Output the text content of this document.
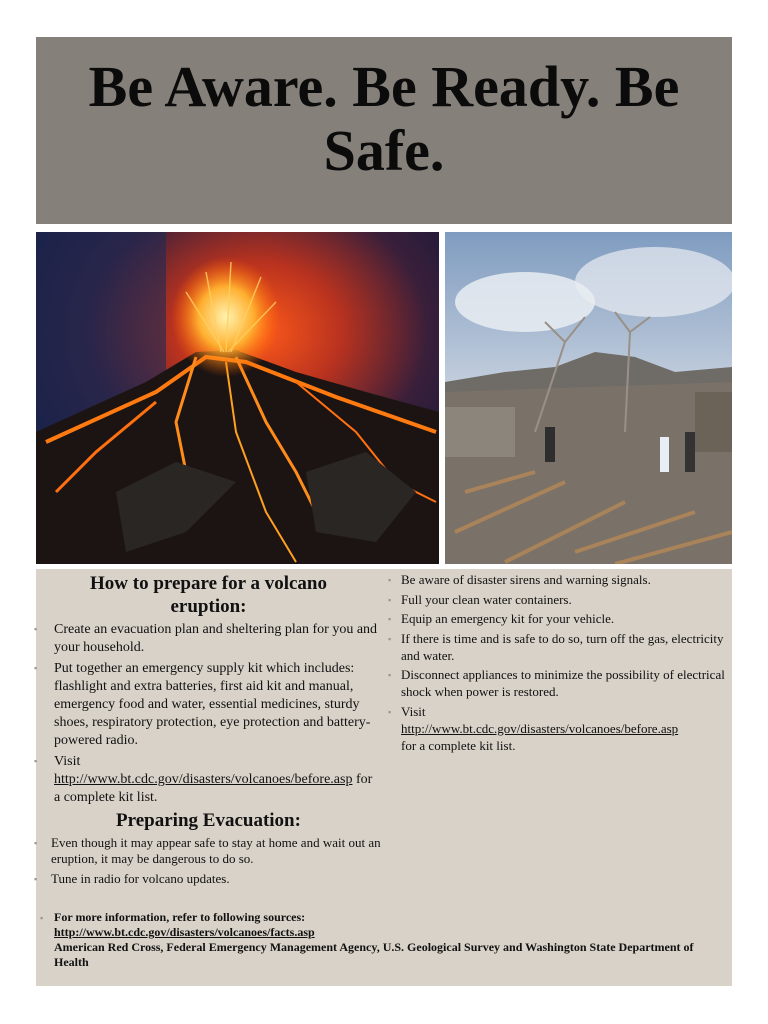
Be Aware. Be Ready. Be Safe.

How to prepare for a volcano eruption:

▪ Create an evacuation plan and sheltering plan for you and your household.
▪ Put together an emergency supply kit which includes: flashlight and extra batteries, first aid kit and manual, emergency food and water, essential medicines, sturdy shoes, respiratory protection, eye protection and battery-powered radio.
▪ Visit
http://www.bt.cdc.gov/disasters/volcanoes/before.asp for a complete kit list.

Preparing Evacuation:

▪ Even though it may appear safe to stay at home and wait out an eruption, it may be dangerous to do so.
▪ Tune in radio for volcano updates.
▪ Be aware of disaster sirens and warning signals.
▪ Full your clean water containers.
▪ Equip an emergency kit for your vehicle.
▪ If there is time and is safe to do so, turn off the gas, electricity and water.
▪ Disconnect appliances to minimize the possibility of electrical shock when power is restored.
▪ Visit
http://www.bt.cdc.gov/disasters/volcanoes/before.asp
for a complete kit list.
▪ For more information, refer to following sources:
http://www.bt.cdc.gov/disasters/volcanoes/facts.asp
American Red Cross, Federal Emergency Management Agency, U.S. Geological Survey and Washington State Department of Health
